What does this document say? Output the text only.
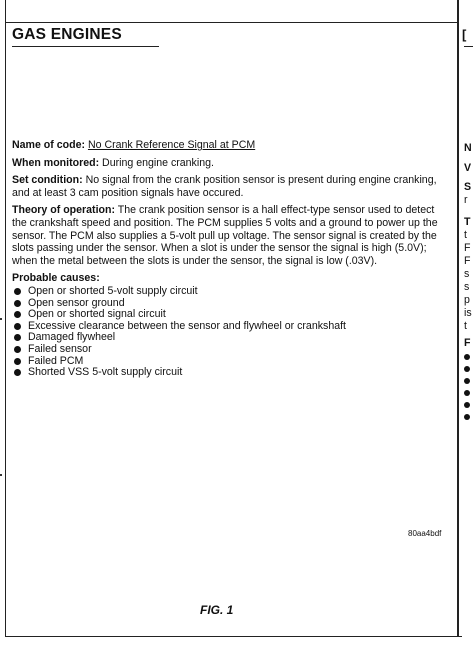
GAS ENGINES	[

Name of code: No Crank Reference Signal at PCM

When monitored: During engine cranking.

Set condition: No signal from the crank position sensor is present during engine cranking, and at least 3 cam position signals have occured.

Theory of operation: The crank position sensor is a hall effect-type sensor used to detect the crankshaft speed and position. The PCM supplies 5 volts and a ground to power up the sensor. The PCM also supplies a 5-volt pull up voltage. The sensor signal is created by the slots passing under the sensor. When a slot is under the sensor the signal is high (5.0V); when the metal between the slots is under the sensor, the signal is low (.03V).

Probable causes:
Open or shorted 5-volt supply circuit
Open sensor ground
Open or shorted signal circuit
Excessive clearance between the sensor and flywheel or crankshaft
Damaged flywheel
Failed sensor
Failed PCM
Shorted VSS 5-volt supply circuit
80aa4bdf
FIG. 1
N
V
S
r
T
t
F
F
s
s
p
is
t
F
